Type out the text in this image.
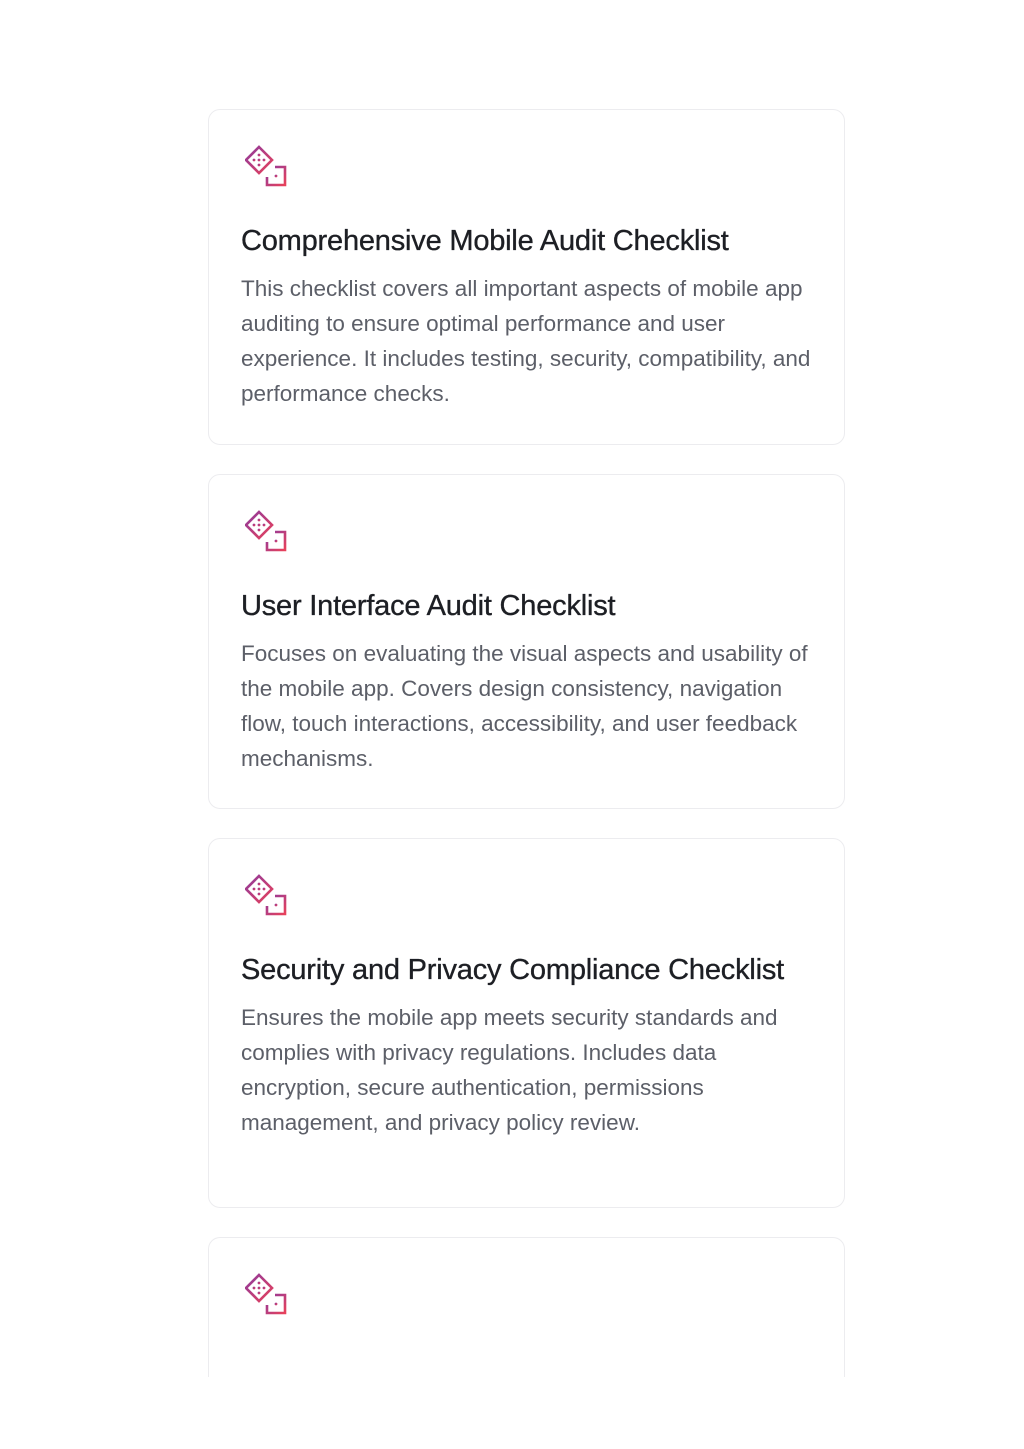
Comprehensive Mobile Audit Checklist

This checklist covers all important aspects of mobile app auditing to ensure optimal performance and user experience. It includes testing, security, compatibility, and performance checks.

User Interface Audit Checklist

Focuses on evaluating the visual aspects and usability of the mobile app. Covers design consistency, navigation flow, touch interactions, accessibility, and user feedback mechanisms.

Security and Privacy Compliance Checklist

Ensures the mobile app meets security standards and complies with privacy regulations. Includes data encryption, secure authentication, permissions management, and privacy policy review.
